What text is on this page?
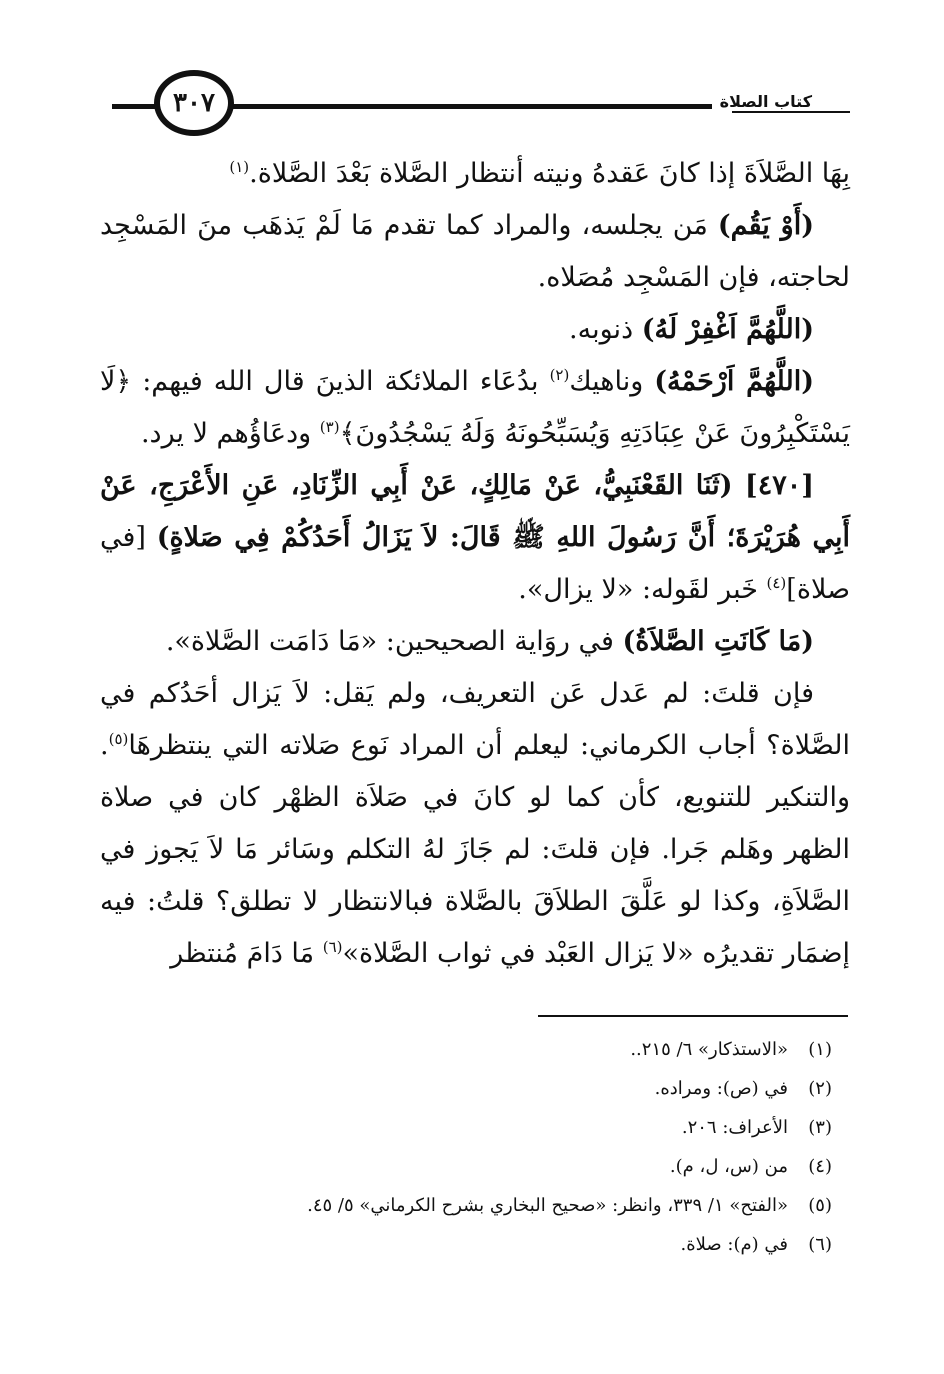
٣٠٧	كتاب الصلاة

بِهَا الصَّلاَةَ إذا كانَ عَقدهُ ونيته أنتظار الصَّلاة بَعْدَ الصَّلاة.$^{(١)}$

(أَوْ يَقُم) مَن يجلسه، والمراد كما تقدم مَا لَمْ يَذهَب منَ المَسْجِد لحاجته، فإن المَسْجِد مُصَلاه.

(اللَّهُمَّ اَغْفِرْ لَهُ) ذنوبه.

(اللَّهُمَّ اَرْحَمْهُ) وناهيك$^{(٢)}$ بدُعَاء الملائكة الذينَ قال الله فيهم: ﴿لَا يَسْتَكْبِرُونَ عَنْ عِبَادَتِهِ وَيُسَبِّحُونَهُ وَلَهُ يَسْجُدُونَ﴾$^{(٣)}$ ودعَاؤُهم لا يرد.

[٤٧٠] (ثَنَا القَعْنَبِيُّ، عَنْ مَالِكٍ، عَنْ أَبِي الزِّنَادِ، عَنِ الأَعْرَجِ، عَنْ أَبِي هُرَيْرَةَ؛ أَنَّ رَسُولَ اللهِ ﷺ قَالَ: لاَ يَزَالُ أَحَدُكُمْ فِي صَلاةٍ) [في صلاة]$^{(٤)}$ خَبر لقَوله: «لا يزال».

(مَا كَانَتِ الصَّلاَةُ) في روَاية الصحيحين: «مَا دَامَت الصَّلاة».

فإن قلتَ: لم عَدل عَن التعريف، ولم يَقل: لاَ يَزال أحَدُكم في الصَّلاة؟ أجاب الكرماني: ليعلم أن المراد نَوع صَلاته التي ينتظرهَا$^{(٥)}$. والتنكير للتنويع، كأن كما لو كانَ في صَلاَة الظهْر كان في صلاة الظهر وهَلم جَرا. فإن قلتَ: لم جَازَ لهُ التكلم وسَائر مَا لاَ يَجوز في الصَّلاَةِ، وكذا لو عَلَّقَ الطلاَقَ بالصَّلاة فبالانتظار لا تطلق؟ قلتُ: فيه إضمَار تقديرُه «لا يَزال العَبْد في ثواب الصَّلاة»$^{(٦)}$ مَا دَامَ مُنتظر

(١)«الاستذكار» ٦/ ٢١٥..

(٢)في (ص): ومراده.

(٣)الأعراف: ٢٠٦.

(٤)من (س، ل، م).

(٥)«الفتح» ١/ ٣٣٩، وانظر: «صحيح البخاري بشرح الكرماني» ٥/ ٤٥.

(٦)في (م): صلاة.
